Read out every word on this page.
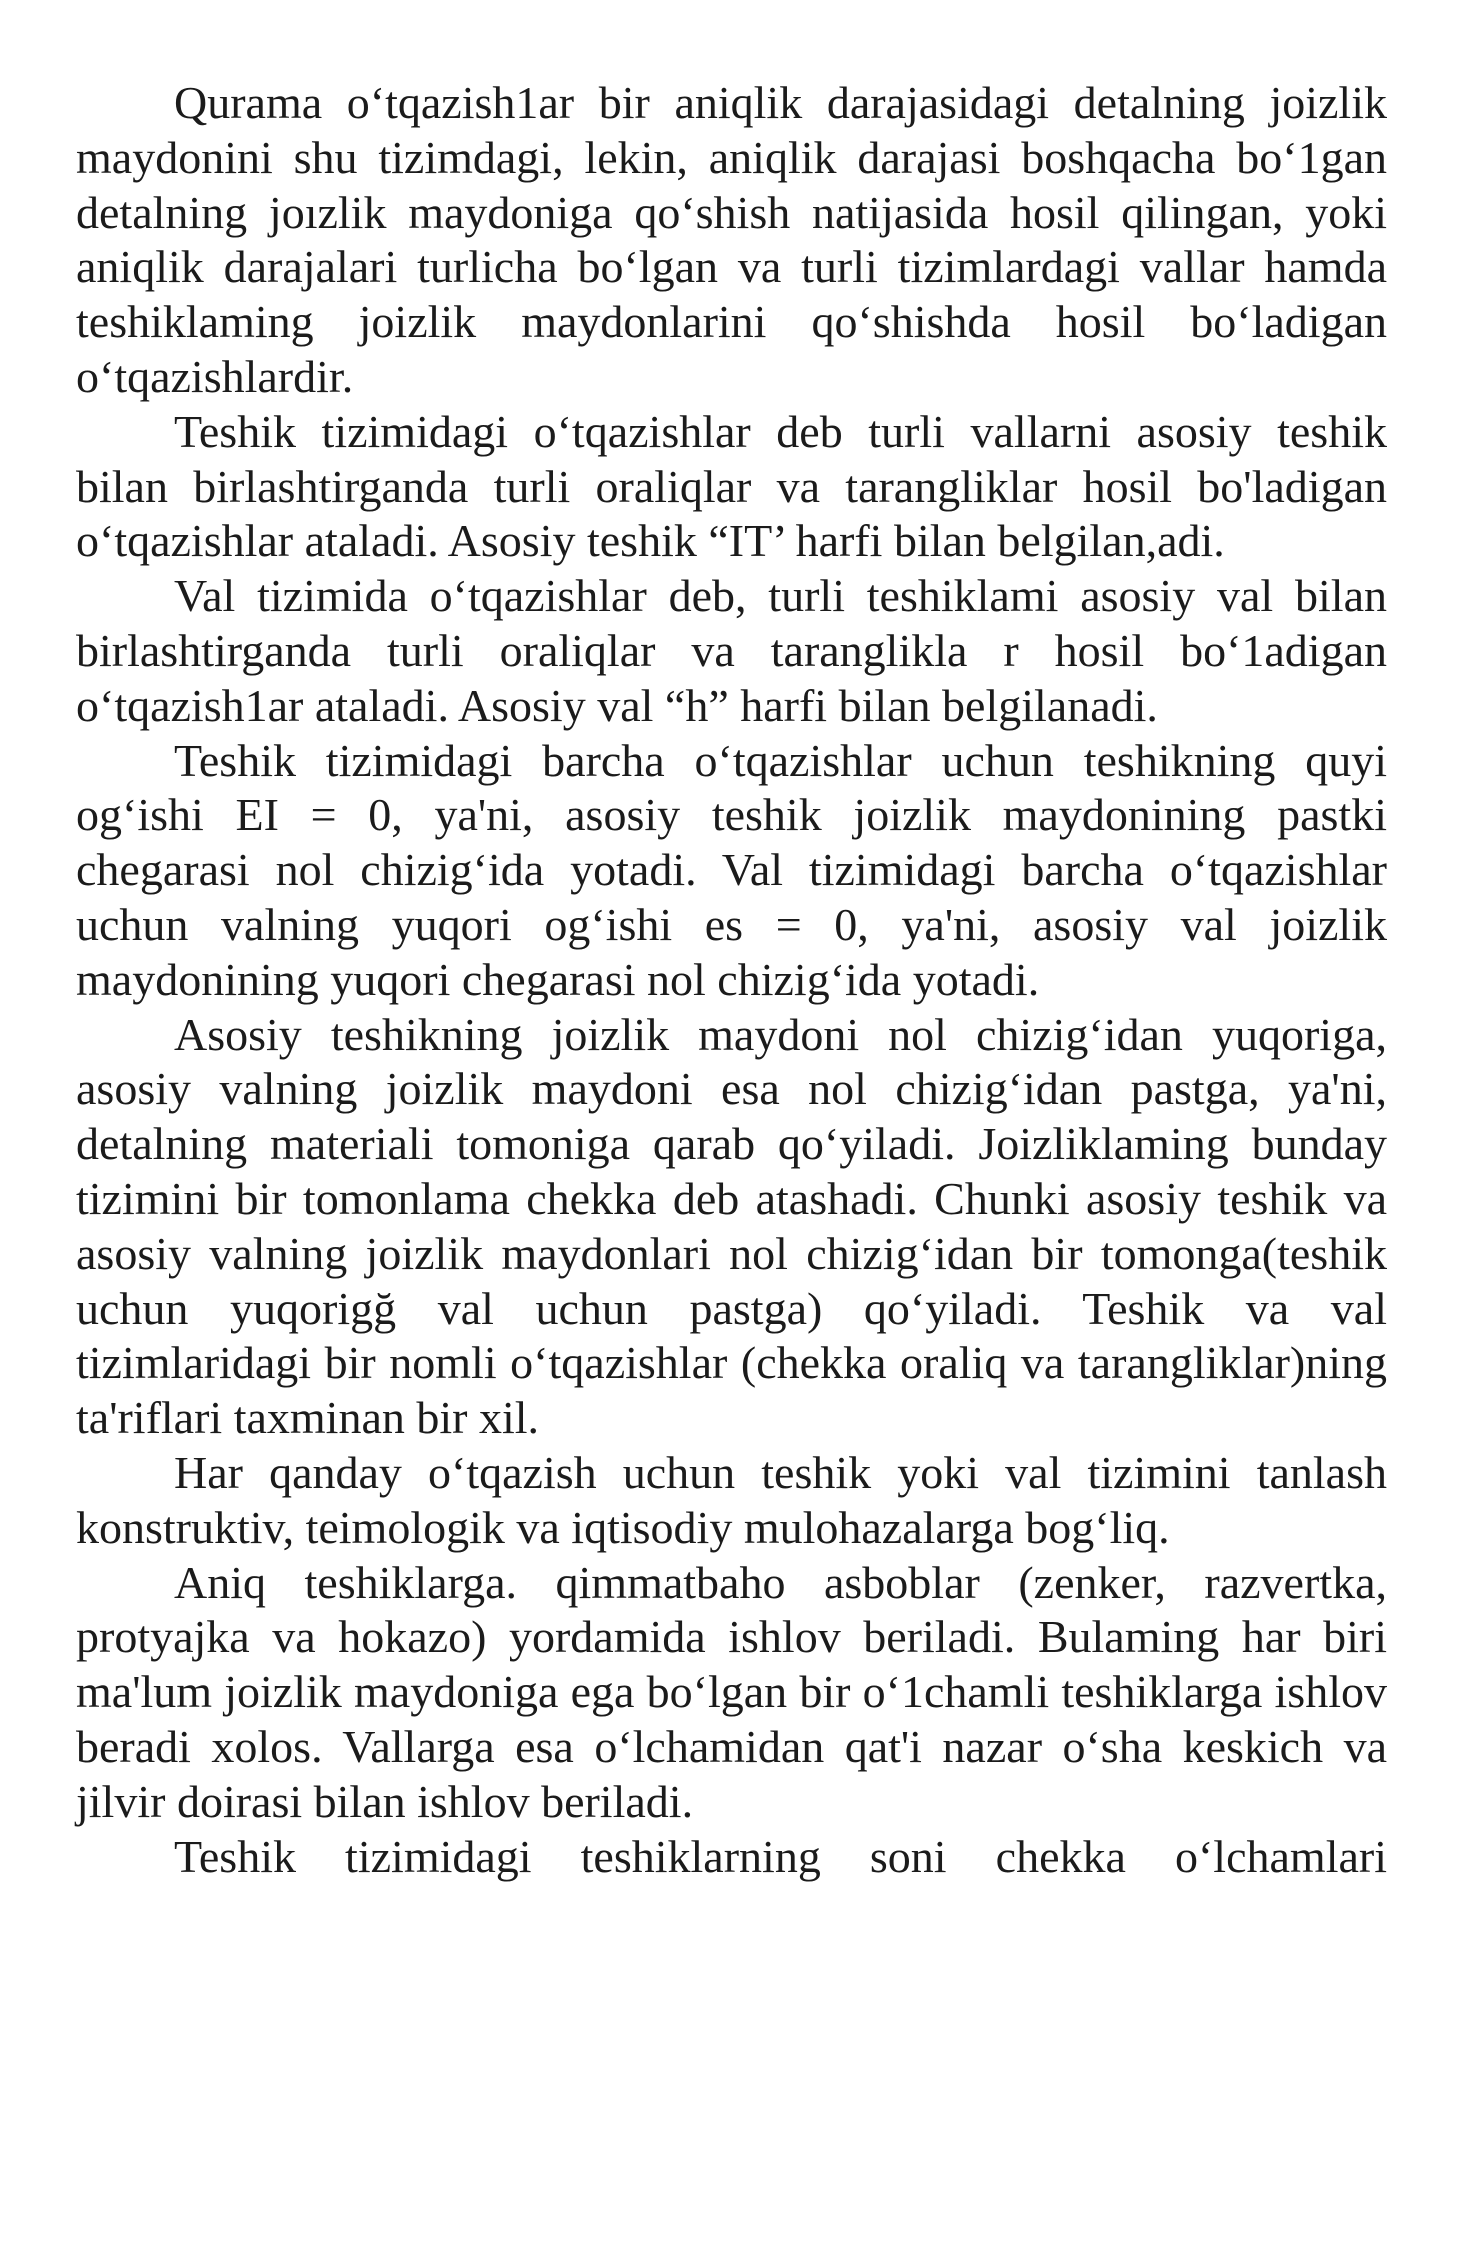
Qurama o‘tqazish1ar bir aniqlik darajasidagi detalning joizlik maydonini shu tizimdagi, lekin, aniqlik darajasi boshqacha bo‘1gan detalning joızlik maydoniga qo‘shish natijasida hosil qilingan, yoki aniqlik darajalari turlicha bo‘lgan va turli tizimlardagi vallar hamda teshiklaming joizlik maydonlarini qo‘shishda hosil bo‘ladigan o‘tqazishlardir.

Teshik tizimidagi o‘tqazishlar deb turli vallarni asosiy teshik bilan birlashtirganda turli oraliqlar va tarangliklar hosil bo'ladigan o‘tqazishlar ataladi. Asosiy teshik “IT’ harfi bilan belgilan,adi.

Val tizimida o‘tqazishlar deb, turli teshiklami asosiy val bilan birlashtirganda turli oraliqlar va taranglikla r hosil bo‘1adigan o‘tqazish1ar ataladi. Asosiy val “h” harfi bilan belgilanadi.

Teshik tizimidagi barcha o‘tqazishlar uchun teshikning quyi og‘ishi EI = 0, ya'ni, asosiy teshik joizlik maydonining pastki chegarasi nol chizig‘ida yotadi. Val tizimidagi barcha o‘tqazishlar uchun valning yuqori og‘ishi es = 0, ya'ni, asosiy val joizlik maydonining yuqori chegarasi nol chizig‘ida yotadi.

Asosiy teshikning joizlik maydoni nol chizig‘idan yuqoriga, asosiy valning joizlik maydoni esa nol chizig‘idan pastga, ya'ni, detalning materiali tomoniga qarab qo‘yiladi. Joizliklaming bunday tizimini bir tomonlama chekka deb atashadi. Chunki asosiy teshik va asosiy valning joizlik maydonlari nol chizig‘idan bir tomonga(teshik uchun yuqorigğ val uchun pastga) qo‘yiladi. Teshik va val tizimlaridagi bir nomli o‘tqazishlar (chekka oraliq va tarangliklar)ning ta'riflari taxminan bir xil.

Har qanday o‘tqazish uchun teshik yoki val tizimini tanlash konstruktiv, teimologik va iqtisodiy mulohazalarga bog‘liq.

Aniq teshiklarga. qimmatbaho asboblar (zenker, razvertka, protyajka va hokazo) yordamida ishlov beriladi. Bulaming har biri ma'lum joizlik maydoniga ega bo‘lgan bir o‘1chamli teshiklarga ishlov beradi xolos. Vallarga esa o‘lchamidan qat'i nazar o‘sha keskich va jilvir doirasi bilan ishlov beriladi.

Teshik tizimidagi teshiklarning soni chekka o‘lchamlari
